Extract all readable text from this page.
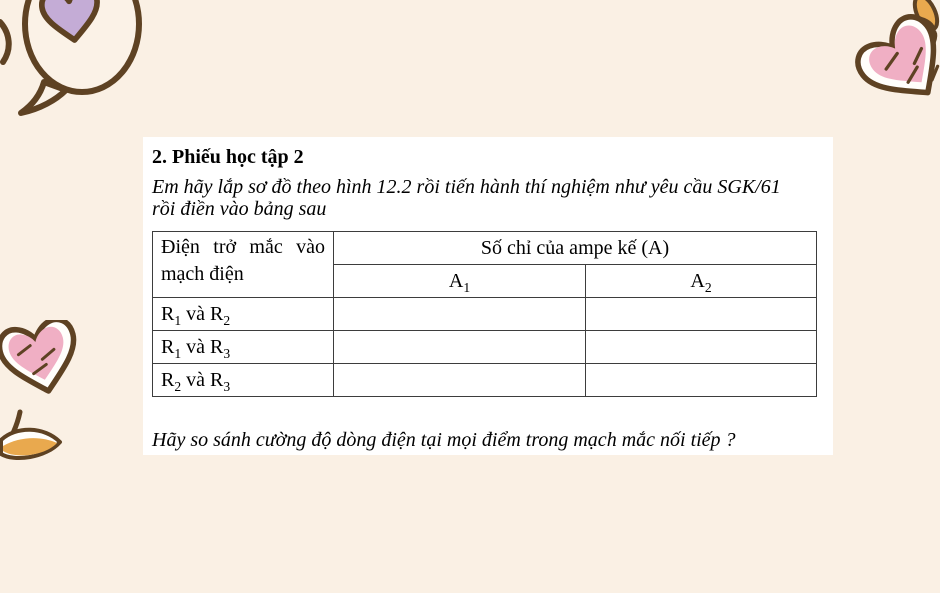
2. Phiếu học tập 2
Em hãy lắp sơ đồ theo hình 12.2 rồi tiến hành thí nghiệm như yêu cầu SGK/61
rồi điền vào bảng sau
Điện trở mắc vào mạch điện	Số chỉ của ampe kế (A)	
	$A_1$	$A_2$
$R_1$ và $R_2$		
$R_1$ và $R_3$		
$R_2$ và $R_3$		

Hãy so sánh cường độ dòng điện tại mọi điểm trong mạch mắc nối tiếp ?
